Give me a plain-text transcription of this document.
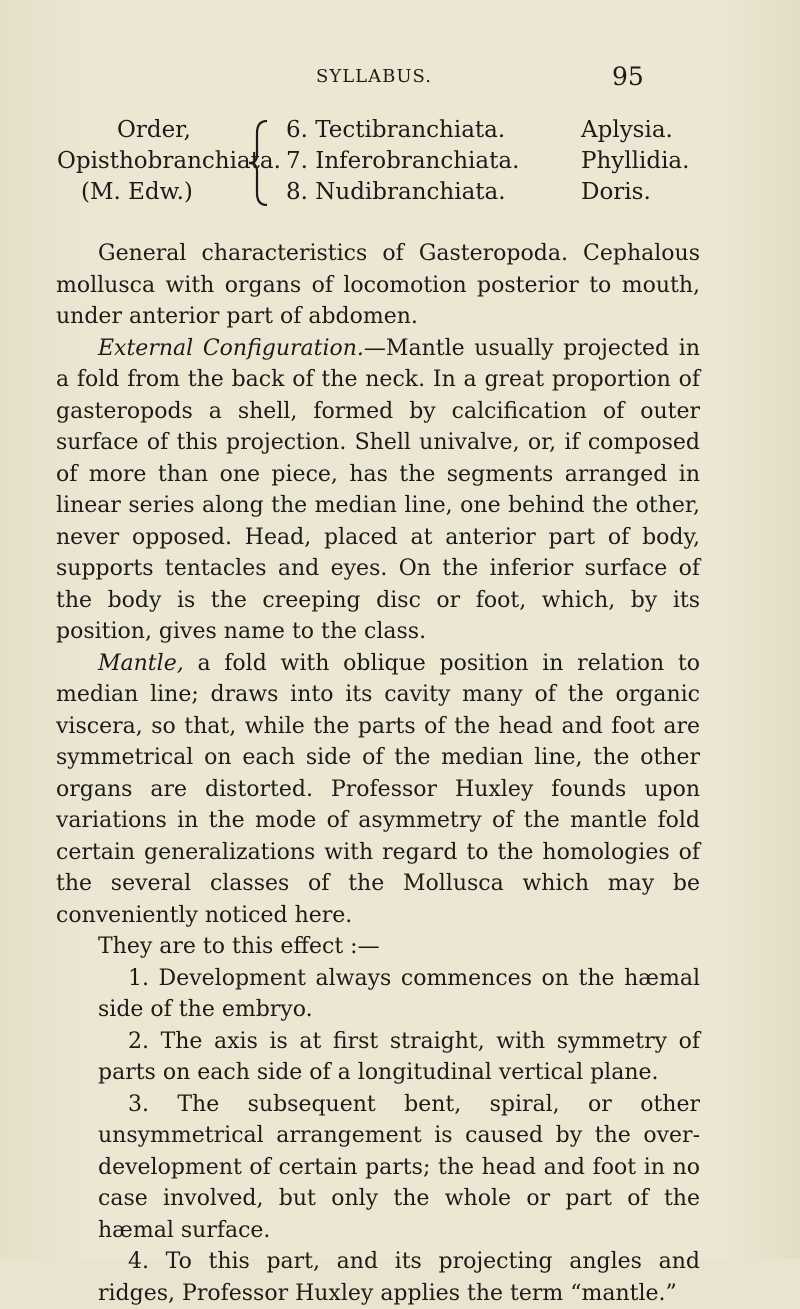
SYLLABUS.	95
Order,
Opisthobranchiata.
(M. Edw.)
6. Tectibranchiata.
7. Inferobranchiata.
8. Nudibranchiata.
Aplysia.
Phyllidia.
Doris.

General characteristics of Gasteropoda. Cephalous mollusca with organs of locomotion posterior to mouth, under anterior part of abdomen.

External Configuration.—Mantle usually projected in a fold from the back of the neck. In a great proportion of gasteropods a shell, formed by calcification of outer surface of this projection. Shell univalve, or, if composed of more than one piece, has the segments arranged in linear series along the median line, one behind the other, never opposed. Head, placed at anterior part of body, supports tentacles and eyes. On the inferior surface of the body is the creeping disc or foot, which, by its position, gives name to the class.

Mantle, a fold with oblique position in relation to median line; draws into its cavity many of the organic viscera, so that, while the parts of the head and foot are symmetrical on each side of the median line, the other organs are distorted. Professor Huxley founds upon variations in the mode of asymmetry of the mantle fold certain generalizations with regard to the homologies of the several classes of the Mollusca which may be conveniently noticed here.

They are to this effect :—

1. Development always commences on the hæmal side of the embryo.

2. The axis is at first straight, with symmetry of parts on each side of a longitudinal vertical plane.

3. The subsequent bent, spiral, or other unsymmetrical arrangement is caused by the over-development of certain parts; the head and foot in no case involved, but only the whole or part of the hæmal surface.

4. To this part, and its projecting angles and ridges, Professor Huxley applies the term “mantle.”
